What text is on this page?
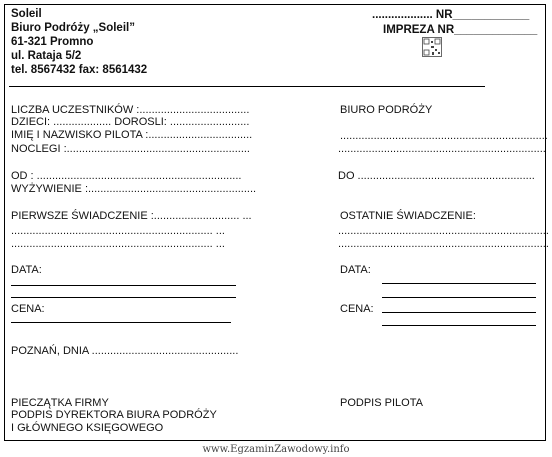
Soleil
Biuro Podróży „Soleil”
61-321 Promno
ul. Rataja 5/2
tel. 8567432 fax: 8561432
................... NR____________
IMPREZA NR_____________
LICZBA UCZESTNIKÓW :....................................
DZIECI: ................... DOROSLI: ..........................
IMIĘ I NAZWISKO PILOTA :..................................
NOCLEGI :............................................................
OD : ...................................................................
WYŻYWIENIE :.......................................................
PIERWSZE ŚWIADCZENIE :............................ ...
.................................................................. ...
.................................................................. ...
DATA:
CENA:
POZNAŃ, DNIA ................................................
PIECZĄTKA FIRMY
PODPIS DYREKTORA BIURA PODRÓŻY
I GŁÓWNEGO KSIĘGOWEGO
BIURO PODRÓŻY
....................................................................
....................................................................
DO ..........................................................
OSTATNIE ŚWIADCZENIE:
.....................................................................
.....................................................................
DATA:
CENA:
PODPIS PILOTA
www.EgzaminZawodowy.info
